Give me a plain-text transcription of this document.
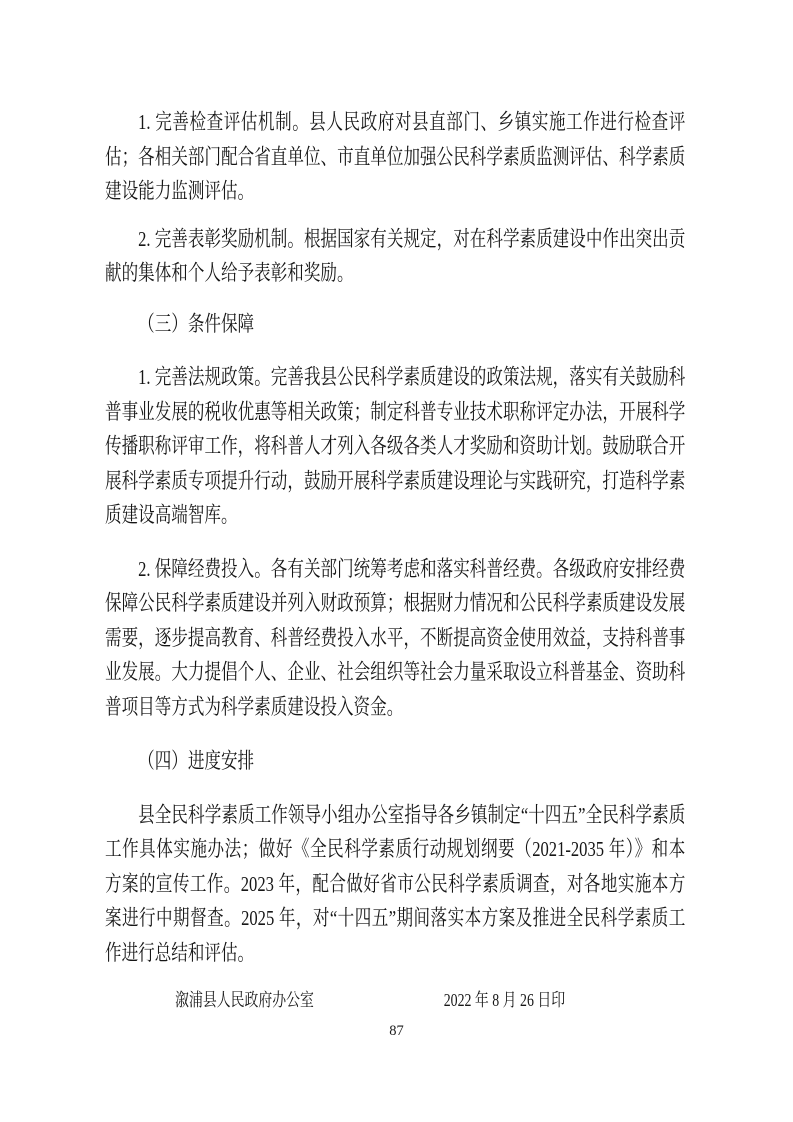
1. 完善检查评估机制。县人民政府对县直部门、乡镇实施工作进行检查评估；各相关部门配合省直单位、市直单位加强公民科学素质监测评估、科学素质建设能力监测评估。

2. 完善表彰奖励机制。根据国家有关规定，对在科学素质建设中作出突出贡献的集体和个人给予表彰和奖励。

（三）条件保障

1. 完善法规政策。完善我县公民科学素质建设的政策法规，落实有关鼓励科普事业发展的税收优惠等相关政策；制定科普专业技术职称评定办法，开展科学传播职称评审工作，将科普人才列入各级各类人才奖励和资助计划。鼓励联合开展科学素质专项提升行动，鼓励开展科学素质建设理论与实践研究，打造科学素质建设高端智库。

2. 保障经费投入。各有关部门统筹考虑和落实科普经费。各级政府安排经费保障公民科学素质建设并列入财政预算；根据财力情况和公民科学素质建设发展需要，逐步提高教育、科普经费投入水平，不断提高资金使用效益，支持科普事业发展。大力提倡个人、企业、社会组织等社会力量采取设立科普基金、资助科普项目等方式为科学素质建设投入资金。

（四）进度安排

县全民科学素质工作领导小组办公室指导各乡镇制定“十四五”全民科学素质工作具体实施办法；做好《全民科学素质行动规划纲要（2021-2035 年）》和本方案的宣传工作。2023 年，配合做好省市公民科学素质调查，对各地实施本方案进行中期督查。2025 年，对“十四五”期间落实本方案及推进全民科学素质工作进行总结和评估。

溆浦县人民政府办公室	2022 年 8 月 26 日印
87
